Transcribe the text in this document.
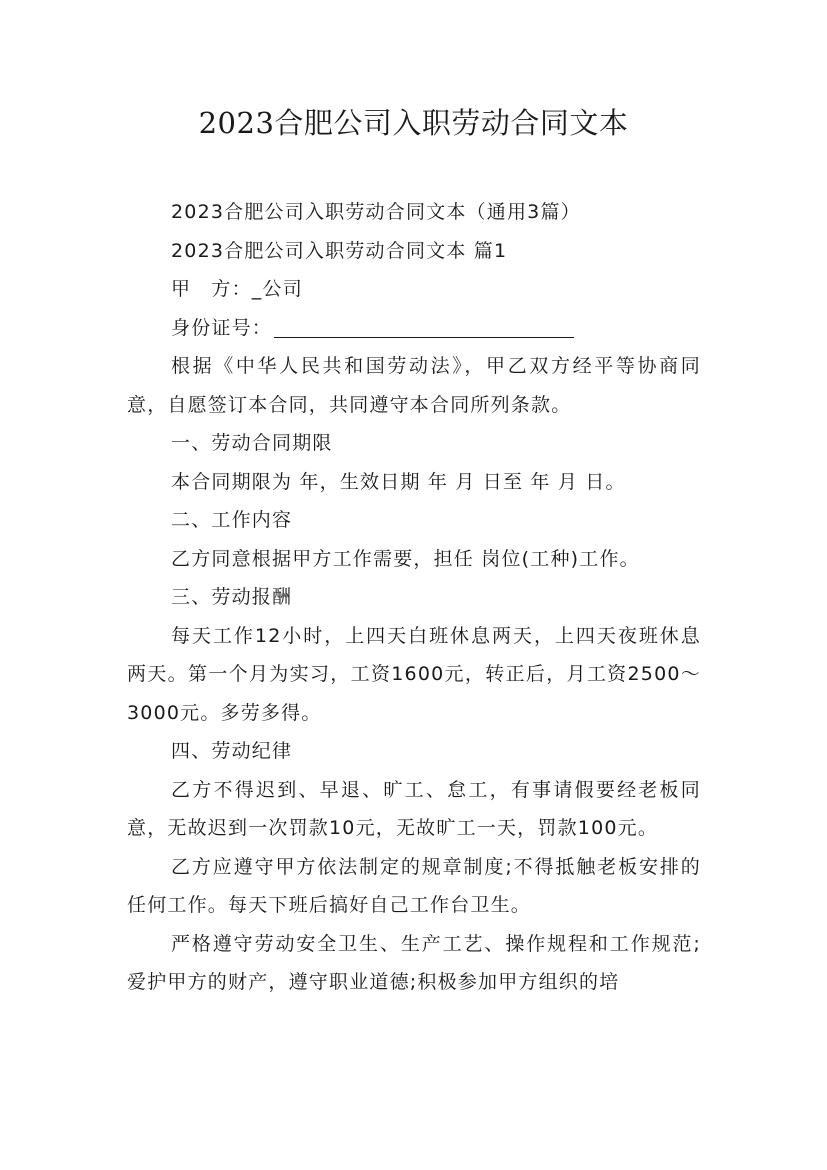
2023合肥公司入职劳动合同文本

2023合肥公司入职劳动合同文本（通用3篇）

2023合肥公司入职劳动合同文本 篇1

甲　方：_公司

身份证号：

根据《中华人民共和国劳动法》，甲乙双方经平等协商同意，自愿签订本合同，共同遵守本合同所列条款。

一、劳动合同期限

本合同期限为 年，生效日期 年 月 日至 年 月 日。

二、工作内容

乙方同意根据甲方工作需要，担任 岗位(工种)工作。

三、劳动报酬

每天工作12小时，上四天白班休息两天，上四天夜班休息两天。第一个月为实习，工资1600元，转正后，月工资2500～3000元。多劳多得。

四、劳动纪律

乙方不得迟到、早退、旷工、怠工，有事请假要经老板同意，无故迟到一次罚款10元，无故旷工一天，罚款100元。

乙方应遵守甲方依法制定的规章制度;不得抵触老板安排的任何工作。每天下班后搞好自己工作台卫生。

严格遵守劳动安全卫生、生产工艺、操作规程和工作规范;爱护甲方的财产，遵守职业道德;积极参加甲方组织的培
